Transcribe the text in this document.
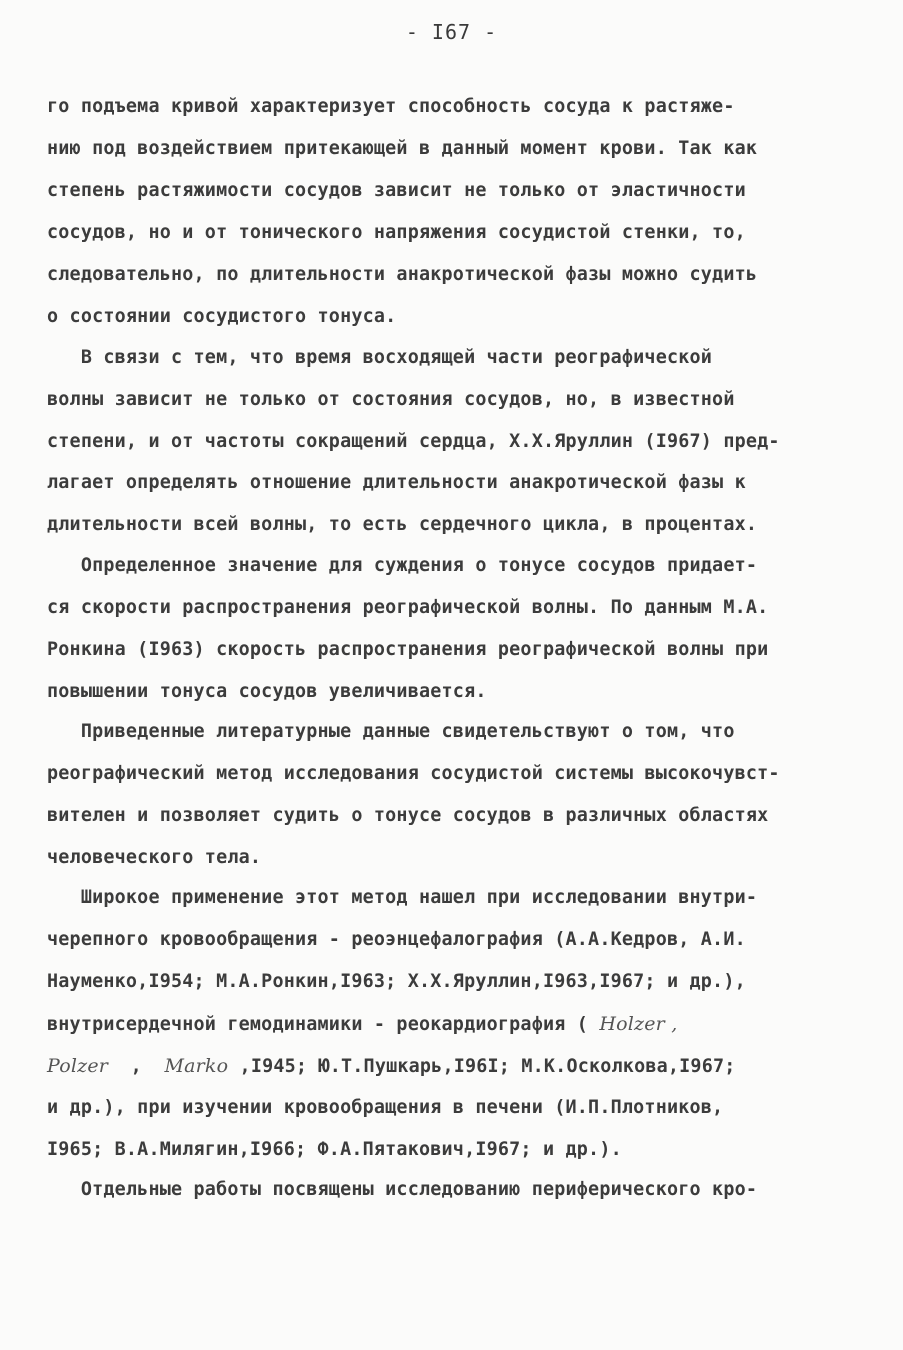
- I67 -
го подъема кривой характеризует способность сосуда к растяже-
нию под воздействием притекающей в данный момент крови. Так как
степень растяжимости сосудов зависит не только от эластичности
сосудов, но и от тонического напряжения сосудистой стенки, то,
следовательно, по длительности анакротической фазы можно судить
о состоянии сосудистого тонуса.
В связи с тем, что время восходящей части реографической
волны зависит не только от состояния сосудов, но, в известной
степени, и от частоты сокращений сердца, Х.Х.Яруллин (I967) пред-
лагает определять отношение длительности анакротической фазы к
длительности всей волны, то есть сердечного цикла, в процентах.
Определенное значение для суждения о тонусе сосудов придает-
ся скорости распространения реографической волны. По данным М.А.
Ронкина (I963) скорость распространения реографической волны при
повышении тонуса сосудов увеличивается.
Приведенные литературные данные свидетельствуют о том, что
реографический метод исследования сосудистой системы высокочувст-
вителен и позволяет судить о тонусе сосудов в различных областях
человеческого тела.
Широкое применение этот метод нашел при исследовании внутри-
черепного кровообращения - реоэнцефалография (А.А.Кедров, А.И.
Науменко,I954; М.А.Ронкин,I963; Х.Х.Яруллин,I963,I967; и др.),
внутрисердечной гемодинамики - реокардиография ( Holzer ,
Polzer  ,  Marko ,I945; Ю.Т.Пушкарь,I96I; М.К.Осколкова,I967;
и др.), при изучении кровообращения в печени (И.П.Плотников,
I965; В.А.Милягин,I966; Ф.А.Пятакович,I967; и др.).
Отдельные работы посвящены исследованию периферического кро-
